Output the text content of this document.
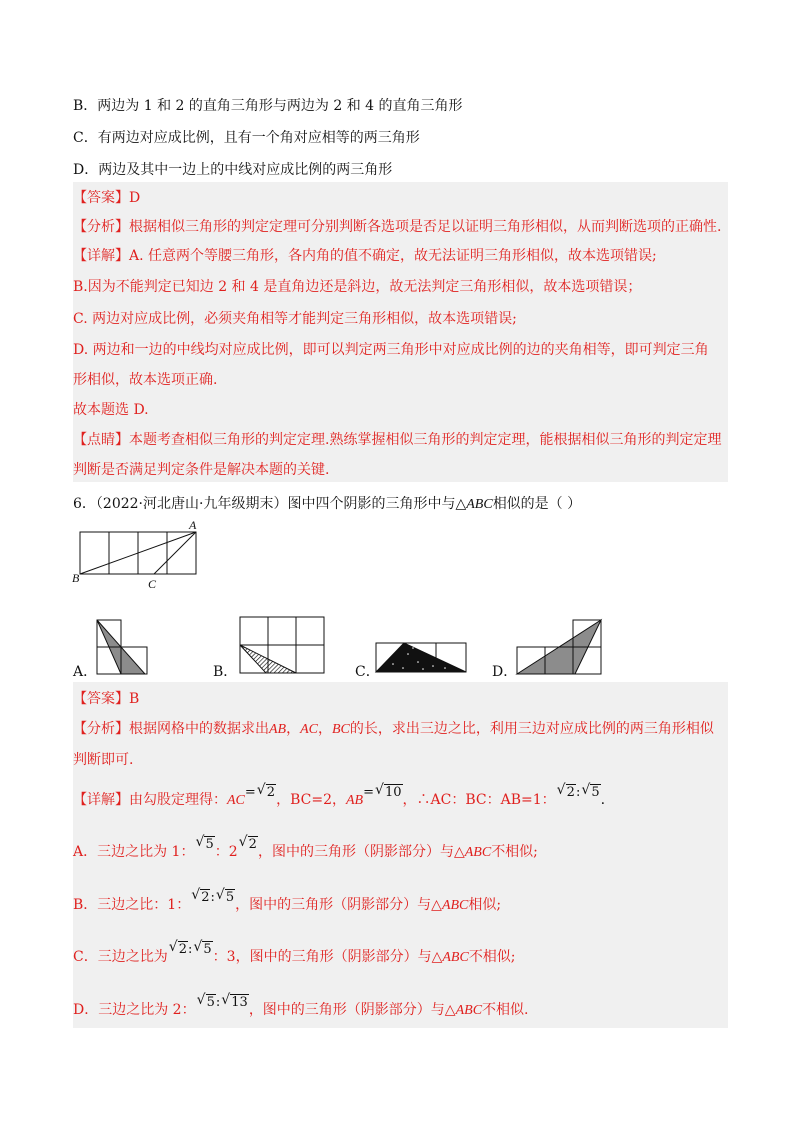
B．两边为 1 和 2 的直角三角形与两边为 2 和 4 的直角三角形
C．有两边对应成比例，且有一个角对应相等的两三角形
D．两边及其中一边上的中线对应成比例的两三角形
【答案】D
【分析】根据相似三角形的判定定理可分别判断各选项是否足以证明三角形相似，从而判断选项的正确性.
【详解】A. 任意两个等腰三角形，各内角的值不确定，故无法证明三角形相似，故本选项错误;
B.因为不能判定已知边 2 和 4 是直角边还是斜边，故无法判定三角形相似，故本选项错误；
C. 两边对应成比例，必须夹角相等才能判定三角形相似，故本选项错误;
D. 两边和一边的中线均对应成比例，即可以判定两三角形中对应成比例的边的夹角相等，即可判定三角
形相似，故本选项正确.
故本题选 D.
【点睛】本题考查相似三角形的判定定理.熟练掌握相似三角形的判定定理，能根据相似三角形的判定定理
判断是否满足判定条件是解决本题的关键.
6．（2022·河北唐山·九年级期末）图中四个阴影的三角形中与△ABC相似的是（ ）
【答案】B
【分析】根据网格中的数据求出AB，AC，BC的长，求出三边之比，利用三边对应成比例的两三角形相似
判断即可.
【详解】由勾股定理得：AC= √ 2，BC=2，AB= √ 10，∴AC：BC：AB=1： √ 2: √ 5.
A．三边之比为 1： √ 5：2 √ 2，图中的三角形（阴影部分）与△ABC不相似;
B．三边之比：1： √ 2: √ 5，图中的三角形（阴影部分）与△ABC相似;
C．三边之比为 √ 2: √ 5：3，图中的三角形（阴影部分）与△ABC不相似;
D．三边之比为 2： √ 5: √ 13，图中的三角形（阴影部分）与△ABC不相似.
A
B	C
A．	B．	C．	D．
